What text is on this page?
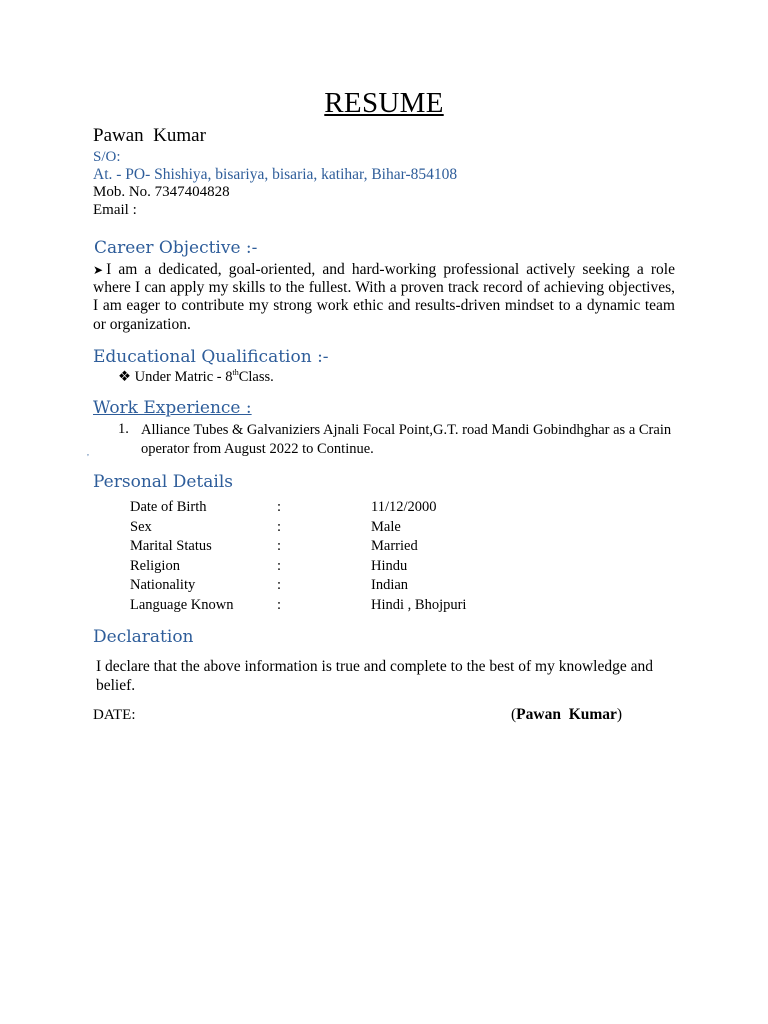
RESUME
Pawan  Kumar
S/O:
At. - PO- Shishiya, bisariya, bisaria, katihar, Bihar-854108
Mob. No. 7347404828
Email :
Career Objective :-
➤ I am a dedicated, goal-oriented, and hard-working professional actively seeking a role where I can apply my skills to the fullest. With a proven track record of achieving objectives, I am eager to contribute my strong work ethic and results-driven mindset to a dynamic team or organization.
Educational Qualification :-
❖ Under Matric - 8thClass.
Work Experience :
1. Alliance Tubes & Galvaniziers Ajnali Focal Point,G.T. road Mandi Gobindhghar as a Crain operator from August 2022 to Continue.
,
Personal Details
Date of Birth	:	11/12/2000
Sex	:	Male
Marital Status	:	Married
Religion	:	Hindu
Nationality	:	Indian
Language Known	:	Hindi , Bhojpuri
Declaration
I declare that the above information is true and complete to the best of my knowledge and belief.
DATE:	(Pawan  Kumar)
